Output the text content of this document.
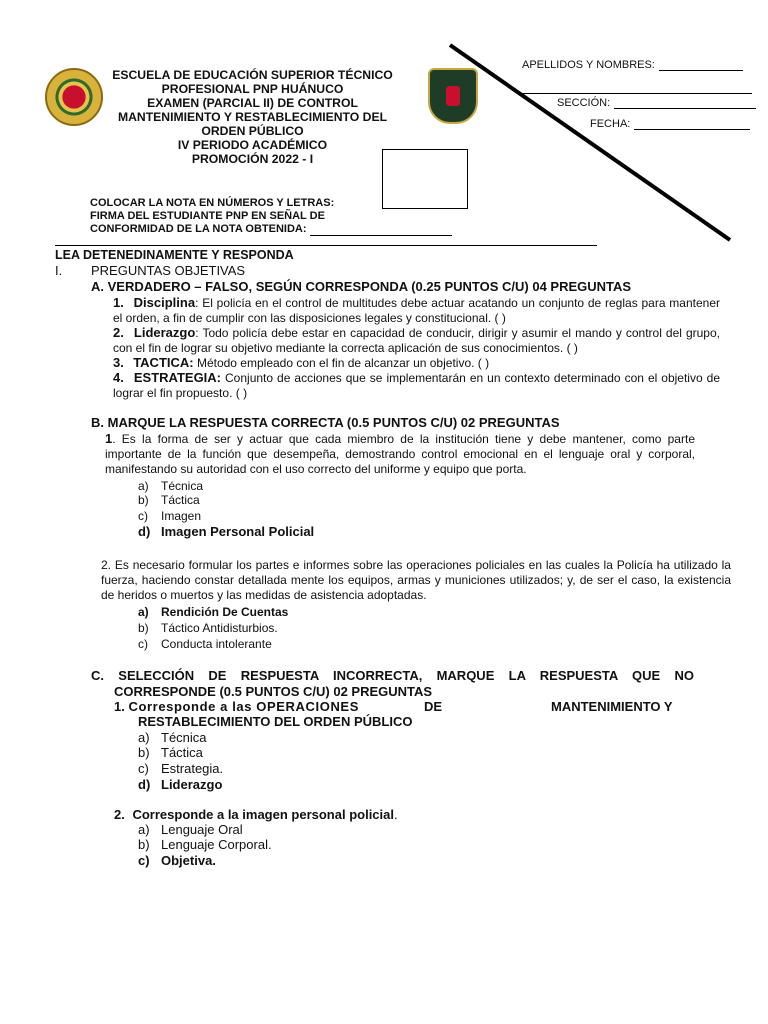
ESCUELA DE EDUCACIÓN SUPERIOR TÉCNICO
PROFESIONAL PNP HUÁNUCO
EXAMEN (PARCIAL II) DE CONTROL
MANTENIMIENTO Y RESTABLECIMIENTO DEL
ORDEN PÚBLICO
IV PERIODO ACADÉMICO
PROMOCIÓN 2022 - I
COLOCAR LA NOTA EN NÚMEROS Y LETRAS:
FIRMA DEL ESTUDIANTE PNP EN SEÑAL DE
CONFORMIDAD DE LA NOTA OBTENIDA:
APELLIDOS Y NOMBRES:
SECCIÓN:
FECHA:
LEA DETENEDINAMENTE Y RESPONDA
I. PREGUNTAS OBJETIVAS
A. VERDADERO – FALSO, SEGÚN CORRESPONDA (0.25 PUNTOS C/U) 04 PREGUNTAS
1. Disciplina: El policía en el control de multitudes debe actuar acatando un conjunto de reglas para mantener el orden, a fin de cumplir con las disposiciones legales y constitucional. ( )
2. Liderazgo: Todo policía debe estar en capacidad de conducir, dirigir y asumir el mando y control del grupo, con el fin de lograr su objetivo mediante la correcta aplicación de sus conocimientos. ( )
3. TACTICA: Método empleado con el fin de alcanzar un objetivo. ( )
4. ESTRATEGIA: Conjunto de acciones que se implementarán en un contexto determinado con el objetivo de lograr el fin propuesto. ( )
B. MARQUE LA RESPUESTA CORRECTA (0.5 PUNTOS C/U) 02 PREGUNTAS
1. Es la forma de ser y actuar que cada miembro de la institución tiene y debe mantener, como parte importante de la función que desempeña, demostrando control emocional en el lenguaje oral y corporal, manifestando su autoridad con el uso correcto del uniforme y equipo que porta.
a) Técnica
b) Táctica
c) Imagen
d) Imagen Personal Policial
2. Es necesario formular los partes e informes sobre las operaciones policiales en las cuales la Policía ha utilizado la fuerza, haciendo constar detallada mente los equipos, armas y municiones utilizados; y, de ser el caso, la existencia de heridos o muertos y las medidas de asistencia adoptadas.
a) Rendición De Cuentas
b) Táctico Antidisturbios.
c) Conducta intolerante
C. SELECCIÓN DE RESPUESTA INCORRECTA, MARQUE LA RESPUESTA QUE NO
CORRESPONDE (0.5 PUNTOS C/U) 02 PREGUNTAS
1. Corresponde a las OPERACIONES	DE	MANTENIMIENTO Y
RESTABLECIMIENTO DEL ORDEN PÚBLICO
a) Técnica
b) Táctica
c) Estrategia.
d) Liderazgo
2. Corresponde a la imagen personal policial.
a) Lenguaje Oral
b) Lenguaje Corporal.
c) Objetiva.
